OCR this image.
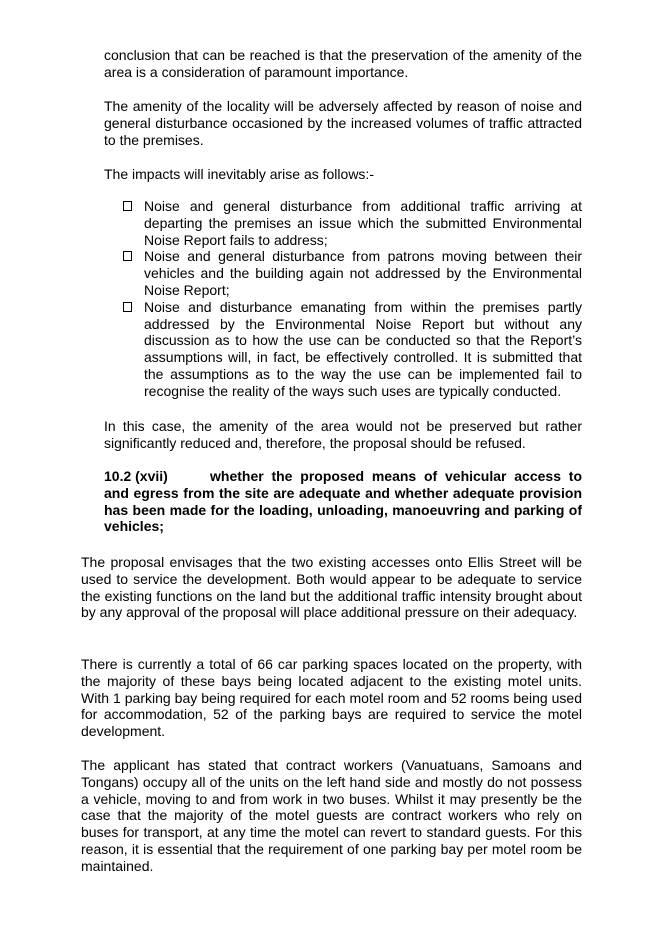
conclusion that can be reached is that the preservation of the amenity of the area is a consideration of paramount importance.

The amenity of the locality will be adversely affected by reason of noise and general disturbance occasioned by the increased volumes of traffic attracted to the premises.

The impacts will inevitably arise as follows:-

Noise and general disturbance from additional traffic arriving at departing the premises an issue which the submitted Environmental Noise Report fails to address;
Noise and general disturbance from patrons moving between their vehicles and the building again not addressed by the Environmental Noise Report;
Noise and disturbance emanating from within the premises partly addressed by the Environmental Noise Report but without any discussion as to how the use can be conducted so that the Report’s assumptions will, in fact, be effectively controlled. It is submitted that the assumptions as to the way the use can be implemented fail to recognise the reality of the ways such uses are typically conducted.

In this case, the amenity of the area would not be preserved but rather significantly reduced and, therefore, the proposal should be refused.

10.2 (xvii)	whether the proposed means of vehicular access to and egress from the site are adequate and whether adequate provision has been made for the loading, unloading, manoeuvring and parking of vehicles;

The proposal envisages that the two existing accesses onto Ellis Street will be used to service the development. Both would appear to be adequate to service the existing functions on the land but the additional traffic intensity brought about by any approval of the proposal will place additional pressure on their adequacy.

There is currently a total of 66 car parking spaces located on the property, with the majority of these bays being located adjacent to the existing motel units. With 1 parking bay being required for each motel room and 52 rooms being used for accommodation, 52 of the parking bays are required to service the motel development.

The applicant has stated that contract workers (Vanuatuans, Samoans and Tongans) occupy all of the units on the left hand side and mostly do not possess a vehicle, moving to and from work in two buses. Whilst it may presently be the case that the majority of the motel guests are contract workers who rely on buses for transport, at any time the motel can revert to standard guests. For this reason, it is essential that the requirement of one parking bay per motel room be maintained.
